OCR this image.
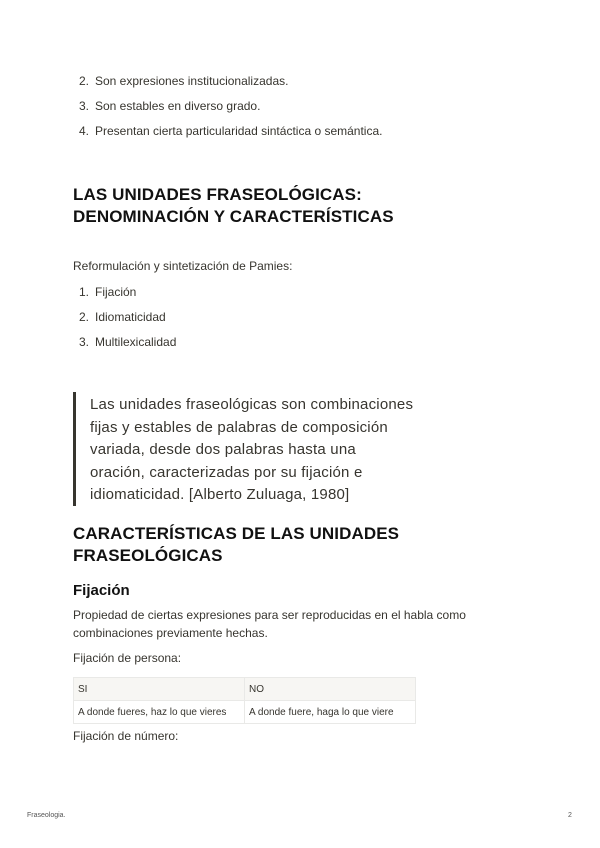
2. Son expresiones institucionalizadas.
3. Son estables en diverso grado.
4. Presentan cierta particularidad sintáctica o semántica.
LAS UNIDADES FRASEOLÓGICAS:
DENOMINACIÓN Y CARACTERÍSTICAS
Reformulación y sintetización de Pamies:
1. Fijación
2. Idiomaticidad
3. Multilexicalidad
Las unidades fraseológicas son combinaciones
fijas y estables de palabras de composición
variada, desde dos palabras hasta una
oración, caracterizadas por su fijación e
idiomaticidad. [Alberto Zuluaga, 1980]
CARACTERÍSTICAS DE LAS UNIDADES
FRASEOLÓGICAS
Fijación
Propiedad de ciertas expresiones para ser reproducidas en el habla como
combinaciones previamente hechas.
Fijación de persona:
SI	NO
A donde fueres, haz lo que vieres	A donde fuere, haga lo que viere
Fijación de número:
Fraseologia.	2
